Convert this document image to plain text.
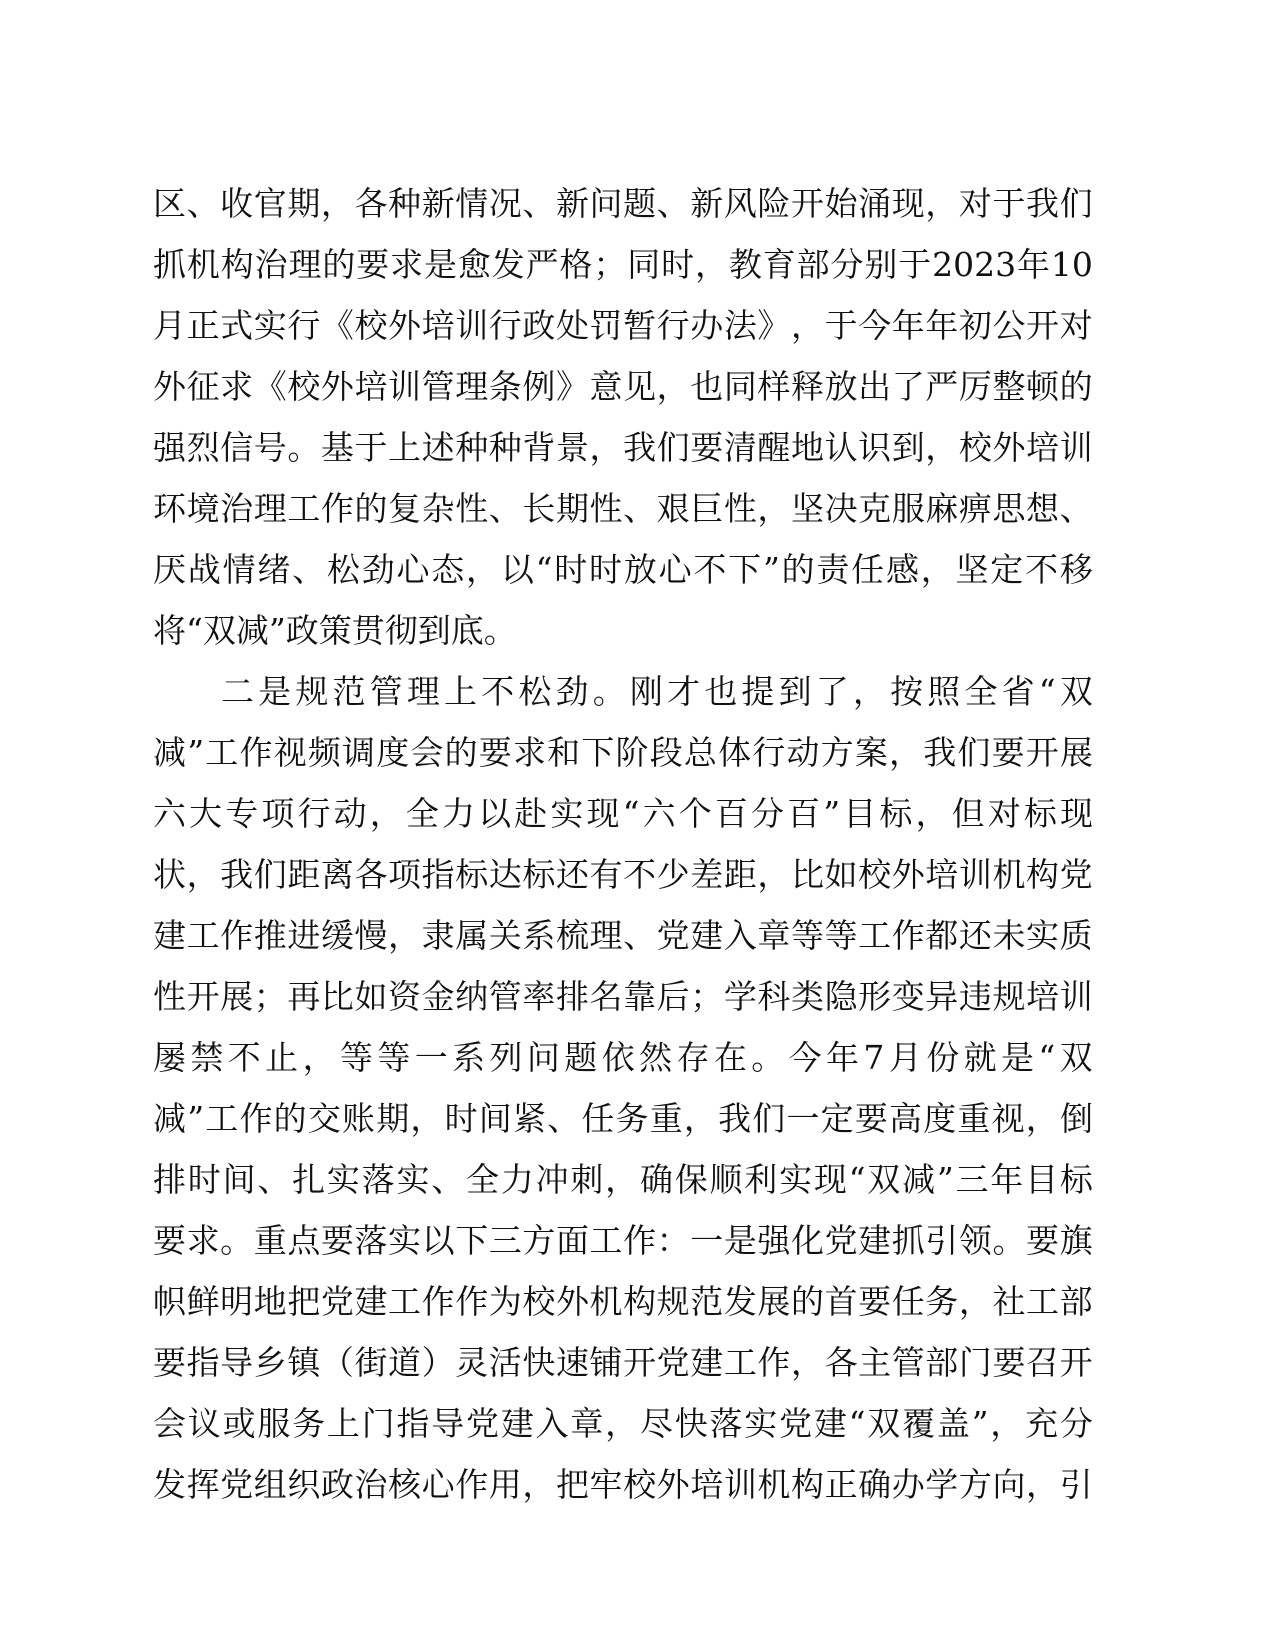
区 、 收 官 期 ， 各 种 新 情 况 、 新 问 题 、 新 风 险 开 始 涌 现 ， 对 于 我 们
抓 机 构 治 理 的 要 求 是 愈 发 严 格 ； 同 时 ， 教 育 部 分 别 于 2023 年 10
月 正 式 实 行 《 校 外 培 训 行 政 处 罚 暂 行 办 法 》 ， 于 今 年 年 初 公 开 对
外 征 求 《 校 外 培 训 管 理 条 例 》 意 见 ， 也 同 样 释 放 出 了 严 厉 整 顿 的
强 烈 信 号 。 基 于 上 述 种 种 背 景 ， 我 们 要 清 醒 地 认 识 到 ， 校 外 培 训
环 境 治 理 工 作 的 复 杂 性 、 长 期 性 、 艰 巨 性 ， 坚 决 克 服 麻 痹 思 想 、
厌 战 情 绪 、 松 劲 心 态 ， 以 “ 时 时 放 心 不 下 ” 的 责 任 感 ， 坚 定 不 移
将“双减”政策贯彻到底。
二 是 规 范 管 理 上 不 松 劲 。 刚 才 也 提 到 了 ， 按 照 全 省 “ 双
减 ” 工 作 视 频 调 度 会 的 要 求 和 下 阶 段 总 体 行 动 方 案 ， 我 们 要 开 展
六 大 专 项 行 动 ， 全 力 以 赴 实 现 “ 六 个 百 分 百 ” 目 标 ， 但 对 标 现
状 ， 我 们 距 离 各 项 指 标 达 标 还 有 不 少 差 距 ， 比 如 校 外 培 训 机 构 党
建 工 作 推 进 缓 慢 ， 隶 属 关 系 梳 理 、 党 建 入 章 等 等 工 作 都 还 未 实 质
性 开 展 ； 再 比 如 资 金 纳 管 率 排 名 靠 后 ； 学 科 类 隐 形 变 异 违 规 培 训
屡 禁 不 止 ， 等 等 一 系 列 问 题 依 然 存 在 。 今 年 7 月 份 就 是 “ 双
减 ” 工 作 的 交 账 期 ， 时 间 紧 、 任 务 重 ， 我 们 一 定 要 高 度 重 视 ， 倒
排 时 间 、 扎 实 落 实 、 全 力 冲 刺 ， 确 保 顺 利 实 现 “ 双 减 ” 三 年 目 标
要 求 。 重 点 要 落 实 以 下 三 方 面 工 作 ： 一 是 强 化 党 建 抓 引 领 。 要 旗
帜 鲜 明 地 把 党 建 工 作 作 为 校 外 机 构 规 范 发 展 的 首 要 任 务 ， 社 工 部
要 指 导 乡 镇 （ 街 道 ） 灵 活 快 速 铺 开 党 建 工 作 ， 各 主 管 部 门 要 召 开
会 议 或 服 务 上 门 指 导 党 建 入 章 ， 尽 快 落 实 党 建 “ 双 覆 盖 ” ， 充 分
发 挥 党 组 织 政 治 核 心 作 用 ， 把 牢 校 外 培 训 机 构 正 确 办 学 方 向 ， 引
